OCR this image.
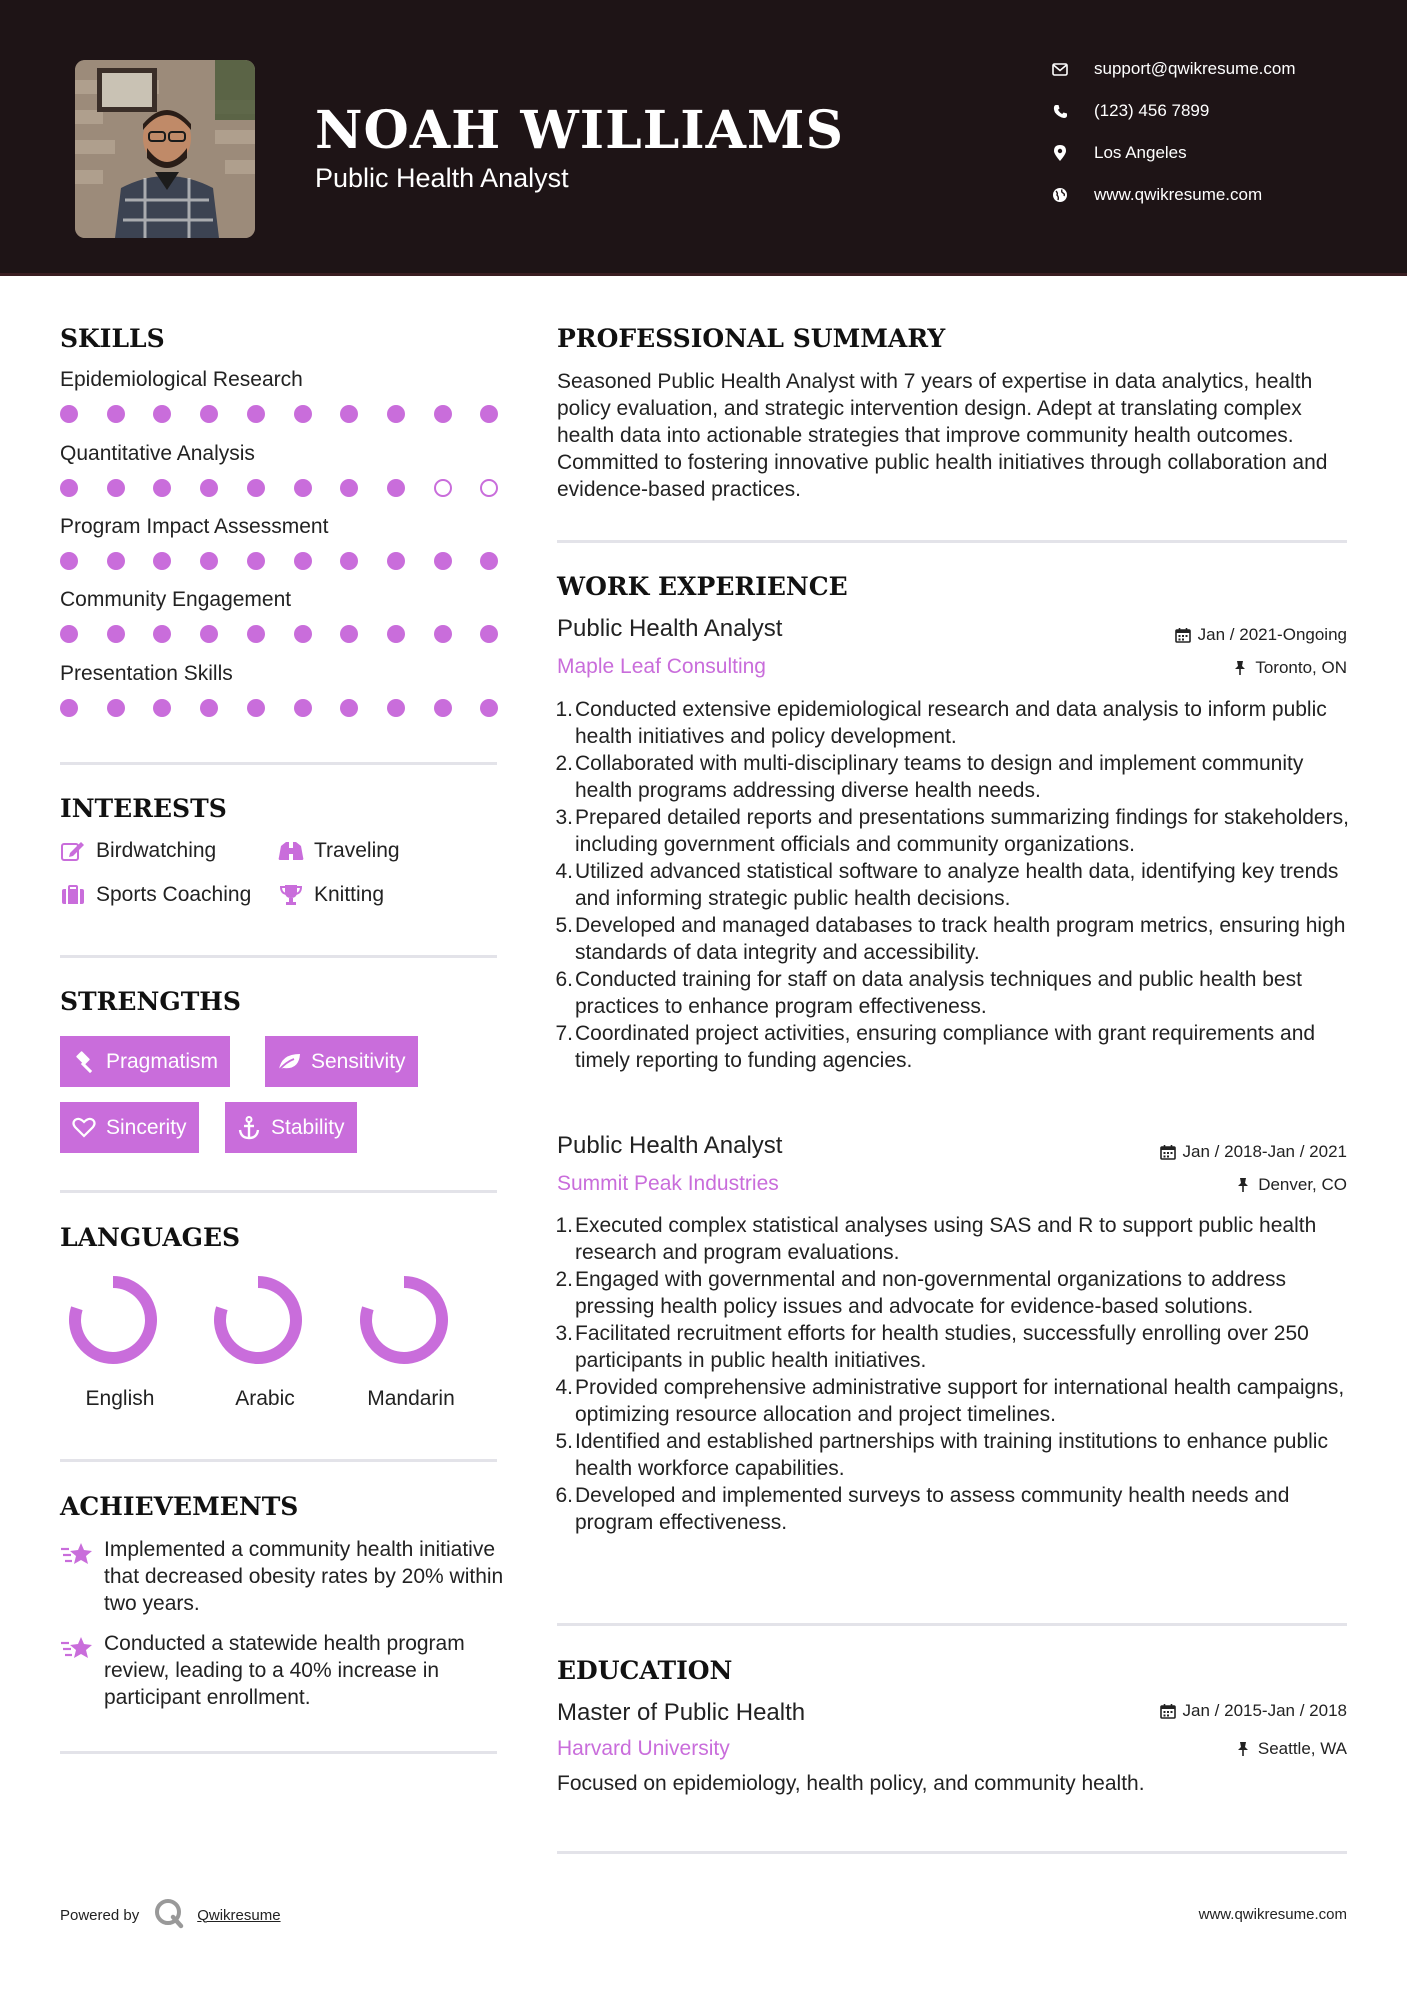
NOAH WILLIAMS
Public Health Analyst
support@qwikresume.com
(123) 456 7899
Los Angeles
www.qwikresume.com
SKILLS
Epidemiological Research
Quantitative Analysis
Program Impact Assessment
Community Engagement
Presentation Skills
INTERESTS
Birdwatching	Traveling
Sports Coaching	Knitting
STRENGTHS
Pragmatism	Sensitivity
Sincerity	Stability
LANGUAGES
English	Arabic	Mandarin
ACHIEVEMENTS
Implemented a community health initiative that decreased obesity rates by 20% within two years.
Conducted a statewide health program review, leading to a 40% increase in participant enrollment.
PROFESSIONAL SUMMARY
Seasoned Public Health Analyst with 7 years of expertise in data analytics, health policy evaluation, and strategic intervention design. Adept at translating complex health data into actionable strategies that improve community health outcomes. Committed to fostering innovative public health initiatives through collaboration and evidence-based practices.
WORK EXPERIENCE
Public Health Analyst	Jan / 2021-Ongoing
Maple Leaf Consulting	Toronto, ON
1. Conducted extensive epidemiological research and data analysis to inform public health initiatives and policy development.
2. Collaborated with multi-disciplinary teams to design and implement community health programs addressing diverse health needs.
3. Prepared detailed reports and presentations summarizing findings for stakeholders, including government officials and community organizations.
4. Utilized advanced statistical software to analyze health data, identifying key trends and informing strategic public health decisions.
5. Developed and managed databases to track health program metrics, ensuring high standards of data integrity and accessibility.
6. Conducted training for staff on data analysis techniques and public health best practices to enhance program effectiveness.
7. Coordinated project activities, ensuring compliance with grant requirements and timely reporting to funding agencies.
Public Health Analyst	Jan / 2018-Jan / 2021
Summit Peak Industries	Denver, CO
1. Executed complex statistical analyses using SAS and R to support public health research and program evaluations.
2. Engaged with governmental and non-governmental organizations to address pressing health policy issues and advocate for evidence-based solutions.
3. Facilitated recruitment efforts for health studies, successfully enrolling over 250 participants in public health initiatives.
4. Provided comprehensive administrative support for international health campaigns, optimizing resource allocation and project timelines.
5. Identified and established partnerships with training institutions to enhance public health workforce capabilities.
6. Developed and implemented surveys to assess community health needs and program effectiveness.
EDUCATION
Master of Public Health	Jan / 2015-Jan / 2018
Harvard University	Seattle, WA
Focused on epidemiology, health policy, and community health.
Powered by	Qwikresume	www.qwikresume.com
